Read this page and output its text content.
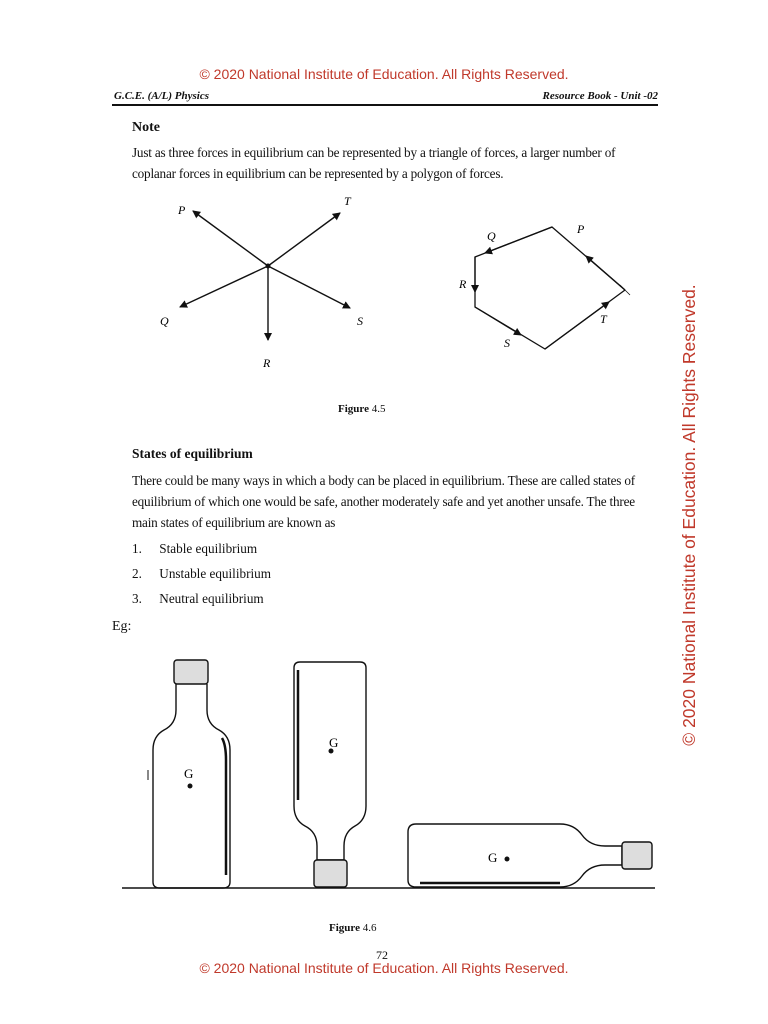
© 2020 National Institute of Education. All Rights Reserved.
© 2020 National Institute of Education. All Rights Reserved.
© 2020 National Institute of Education. All Rights Reserved.
G.C.E. (A/L) Physics	Resource Book - Unit -02
Note
Just as three forces in equilibrium can be represented by a triangle of forces, a larger number of coplanar forces in equilibrium can be represented by a polygon of forces.
P
T
Q	S
R
P
Q
R
S
T
Figure 4.5
States of equilibrium
There could be many ways in which a body can be placed in equilibrium. These are called states of equilibrium of which one would be safe, another moderately safe and yet another unsafe. The three main states of equilibrium are known as
1. Stable equilibrium
2. Unstable equilibrium
3. Neutral equilibrium
Eg:
G
G
G
Figure 4.6
72
